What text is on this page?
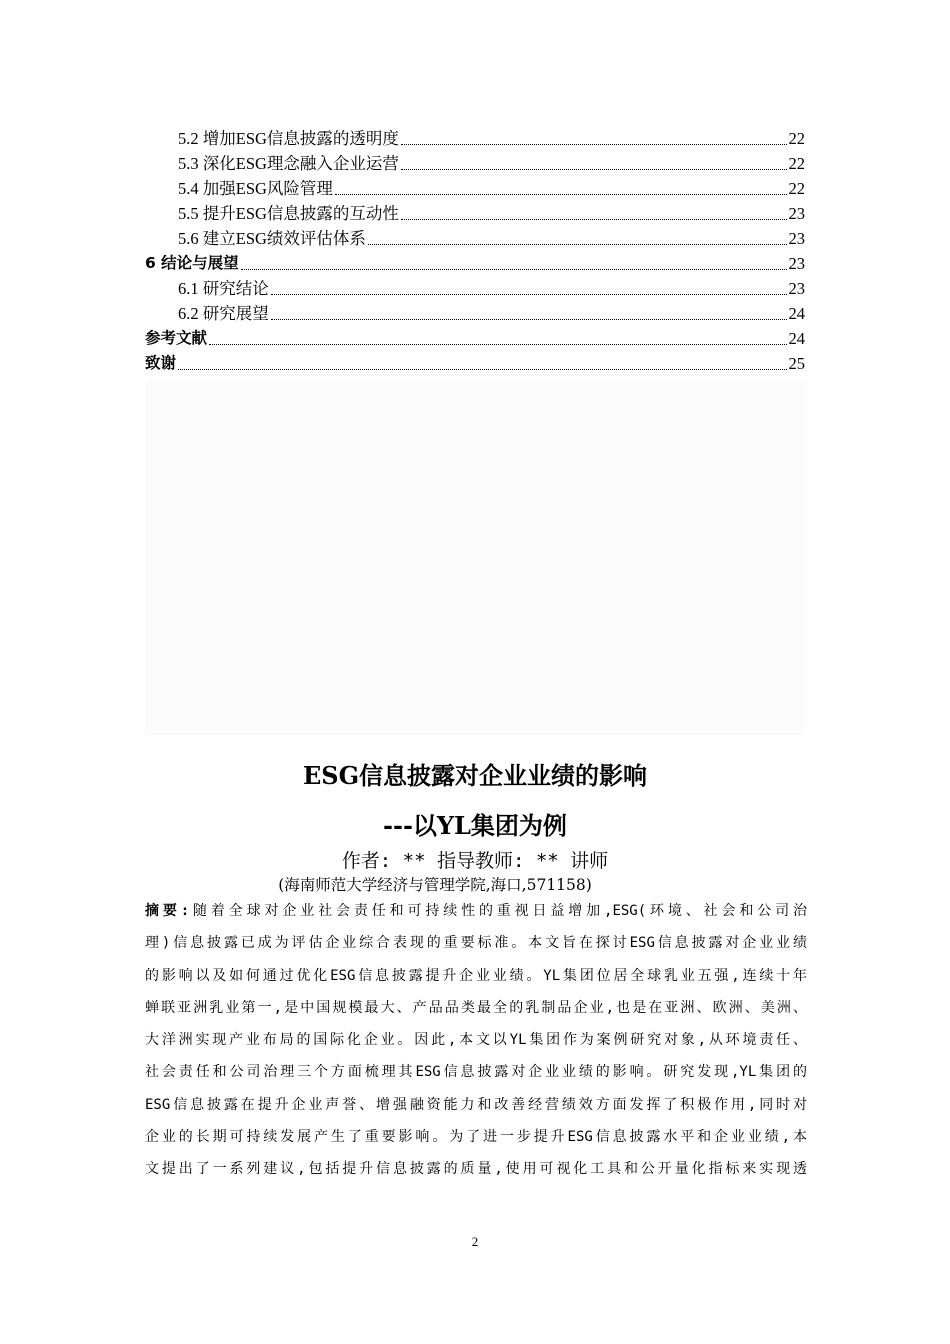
5.2 增加ESG信息披露的透明度	22
5.3 深化ESG理念融入企业运营	22
5.4 加强ESG风险管理	22
5.5 提升ESG信息披露的互动性	23
5.6 建立ESG绩效评估体系	23
6 结论与展望	23
6.1 研究结论	23
6.2 研究展望	24
参考文献	24
致谢	25
ESG信息披露对企业业绩的影响
---以YL集团为例
作者: ** 指导教师: ** 讲师
(海南师范大学经济与管理学院,海口,571158)
摘要:随着全球对企业社会责任和可持续性的重视日益增加,ESG(环境、社会和公司治
理)信息披露已成为评估企业综合表现的重要标准。本文旨在探讨ESG信息披露对企业业绩
的影响以及如何通过优化ESG信息披露提升企业业绩。YL集团位居全球乳业五强,连续十年
蝉联亚洲乳业第一,是中国规模最大、产品品类最全的乳制品企业,也是在亚洲、欧洲、美洲、
大洋洲实现产业布局的国际化企业。因此,本文以YL集团作为案例研究对象,从环境责任、
社会责任和公司治理三个方面梳理其ESG信息披露对企业业绩的影响。研究发现,YL集团的
ESG信息披露在提升企业声誉、增强融资能力和改善经营绩效方面发挥了积极作用,同时对
企业的长期可持续发展产生了重要影响。为了进一步提升ESG信息披露水平和企业业绩,本
文提出了一系列建议,包括提升信息披露的质量,使用可视化工具和公开量化指标来实现透
2
